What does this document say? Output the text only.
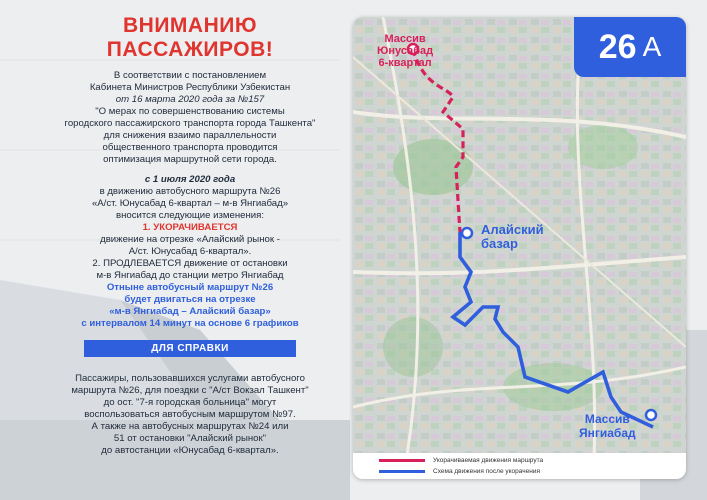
ВНИМАНИЮ
ПАССАЖИРОВ!

В соответствии с постановлением

Кабинета Министров Республики Узбекистан

от 16 марта 2020 года за №157

"О мерах по совершенствованию системы

городского пассажирского транспорта города Ташкента"

для снижения взаимо параллельности

общественного транспорта проводится

оптимизация маршрутной сети города.

с 1 июля 2020 года

в движению автобусного маршрута №26

«А/ст. Юнусабад 6-квартал – м-в Янгиабад»

вносится следующие изменения:

1. УКОРАЧИВАЕТСЯ

движение на отрезке «Алайский рынок -

А/ст. Юнусабад 6-квартал».

2. ПРОДЛЕВАЕТСЯ движение от остановки

м-в Янгиабад до станции метро Янгиабад

Отныне автобусный маршрут №26

будет двигаться на отрезке

«м-в Янгиабад – Алайский базар»

с интервалом 14 минут на основе 6 графиков

ДЛЯ СПРАВКИ

Пассажиры, пользовавшихся услугами автобусного

маршрута №26, для поездки с "А/ст Вокзал Ташкент"

до ост. "7-я городская больница" могут

воспользоваться автобусным маршрутом №97.

А также на автобусных маршрутах №24 или

51 от остановки "Алайский рынок"

до автостанции «Юнусабад 6-квартал».

26 А
Массив
Юнусабад
6-квартал
Алайский
базар
Массив
Янгиабад
Укорачиваемая движения маршрута
Схема движения после укорачения
